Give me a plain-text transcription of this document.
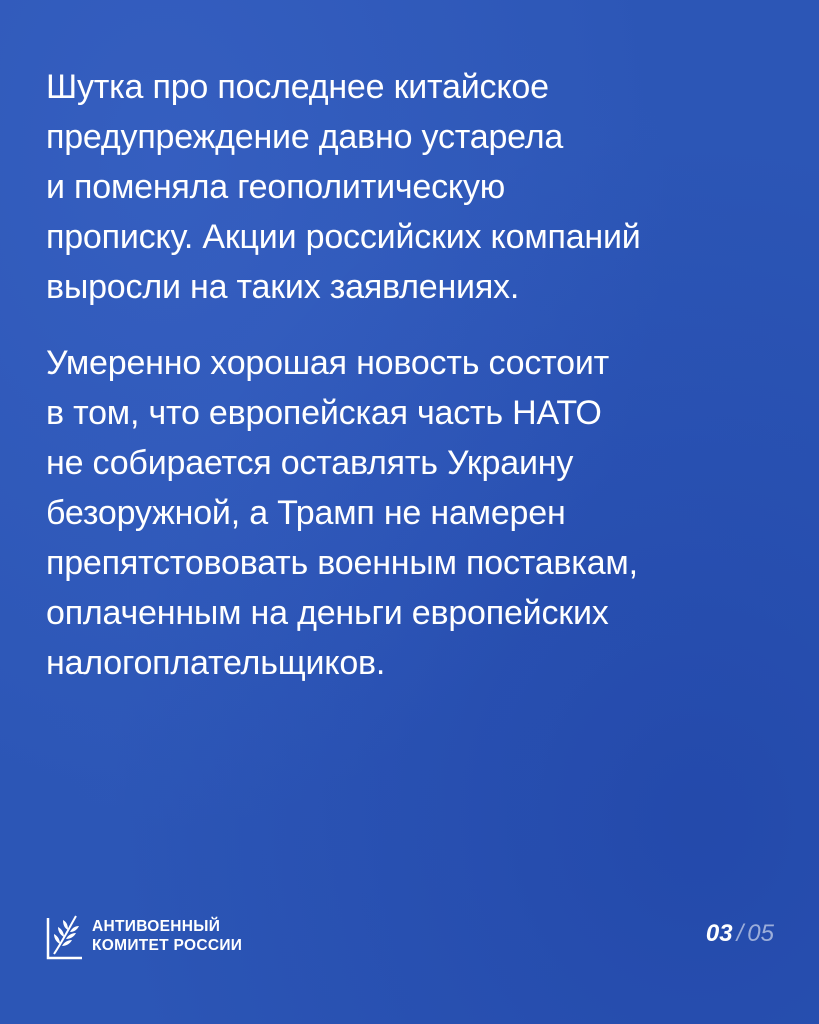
Шутка про последнее китайское
предупреждение давно устарела
и поменяла геополитическую
прописку. Акции российских компаний
выросли на таких заявлениях.

Умеренно хорошая новость состоит
в том, что европейская часть НАТО
не собирается оставлять Украину
безоружной, а Трамп не намерен
препятстововать военным поставкам,
оплаченным на деньги европейских
налогоплательщиков.

АНТИВОЕННЫЙ
КОМИТЕТ РОССИИ	03 / 05
